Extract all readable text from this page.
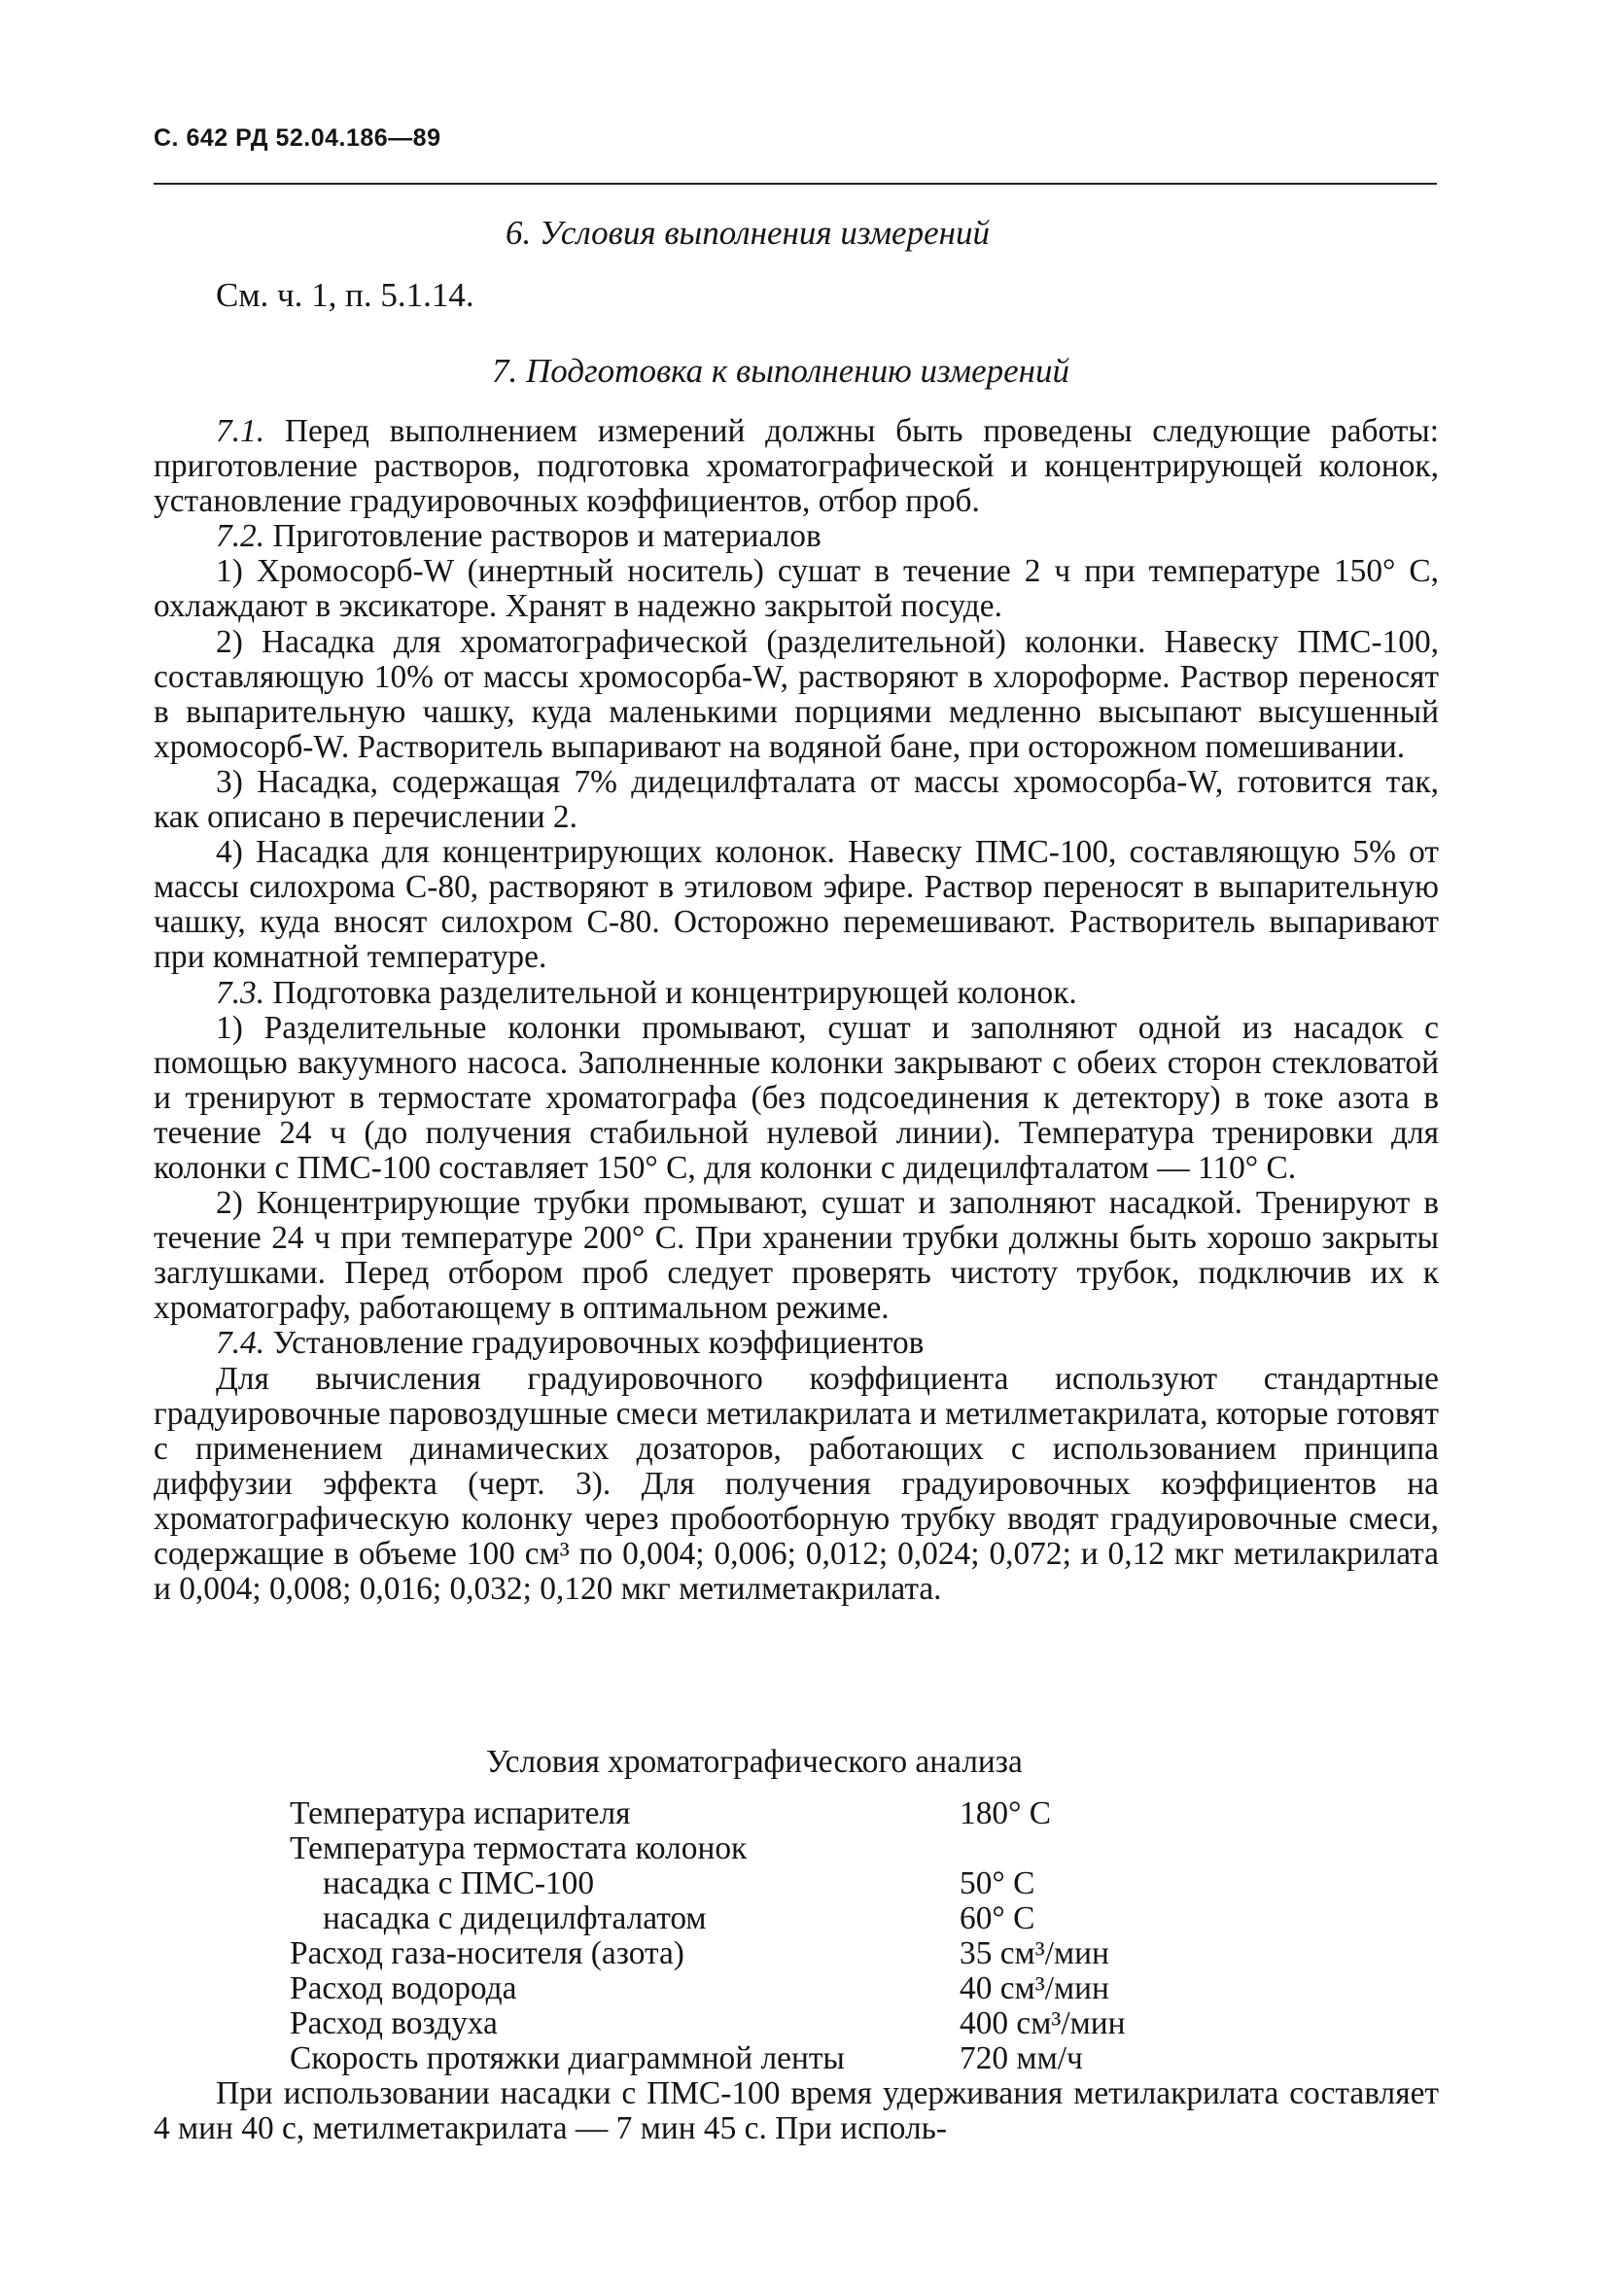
С. 642 РД 52.04.186—89
6. Условия выполнения измерений
См. ч. 1, п. 5.1.14.
7. Подготовка к выполнению измерений

7.1. Перед выполнением измерений должны быть проведены следующие работы: приготовление растворов, подготовка хроматографической и концентрирующей колонок, установление градуировочных коэффициентов, отбор проб.

7.2. Приготовление растворов и материалов

1) Хромосорб-W (инертный носитель) сушат в течение 2 ч при температуре 150° С, охлаждают в эксикаторе. Хранят в надежно закрытой посуде.

2) Насадка для хроматографической (разделительной) колонки. Навеску ПМС-100, составляющую 10% от массы хромосорба-W, растворяют в хлороформе. Раствор переносят в выпарительную чашку, куда маленькими порциями медленно высыпают высушенный хромосорб-W. Растворитель выпаривают на водяной бане, при осторожном помешивании.

3) Насадка, содержащая 7% дидецилфталата от массы хромосорба-W, готовится так, как описано в перечислении 2.

4) Насадка для концентрирующих колонок. Навеску ПМС-100, составляющую 5% от массы силохрома С-80, растворяют в этиловом эфире. Раствор переносят в выпарительную чашку, куда вносят силохром С-80. Осторожно перемешивают. Растворитель выпаривают при комнатной температуре.

7.3. Подготовка разделительной и концентрирующей колонок.

1) Разделительные колонки промывают, сушат и заполняют одной из насадок с помощью вакуумного насоса. Заполненные колонки закрывают с обеих сторон стекловатой и тренируют в термостате хроматографа (без подсоединения к детектору) в токе азота в течение 24 ч (до получения стабильной нулевой линии). Температура тренировки для колонки с ПМС-100 составляет 150° С, для колонки с дидецилфталатом — 110° С.

2) Концентрирующие трубки промывают, сушат и заполняют насадкой. Тренируют в течение 24 ч при температуре 200° С. При хранении трубки должны быть хорошо закрыты заглушками. Перед отбором проб следует проверять чистоту трубок, подключив их к хроматографу, работающему в оптимальном режиме.

7.4. Установление градуировочных коэффициентов

Для вычисления градуировочного коэффициента используют стандартные градуировочные паровоздушные смеси метилакрилата и метилметакрилата, которые готовят с применением динамических дозаторов, работающих с использованием принципа диффузии эффекта (черт. 3). Для получения градуировочных коэффициентов на хроматографическую колонку через пробоотборную трубку вводят градуировочные смеси, содержащие в объеме 100 см³ по 0,004; 0,006; 0,012; 0,024; 0,072; и 0,12 мкг метилакрилата и 0,004; 0,008; 0,016; 0,032; 0,120 мкг метилметакрилата.

Условия хроматографического анализа
Температура испарителя	180° С
Температура термостата колонок	
насадка с ПМС-100	50° С
насадка с дидецилфталатом	60° С
Расход газа-носителя (азота)	35 см³/мин
Расход водорода	40 см³/мин
Расход воздуха	400 см³/мин
Скорость протяжки диаграммной ленты	720 мм/ч
При использовании насадки с ПМС-100 время удерживания метилакрилата составляет 4 мин 40 с, метилметакрилата — 7 мин 45 с. При исполь-
